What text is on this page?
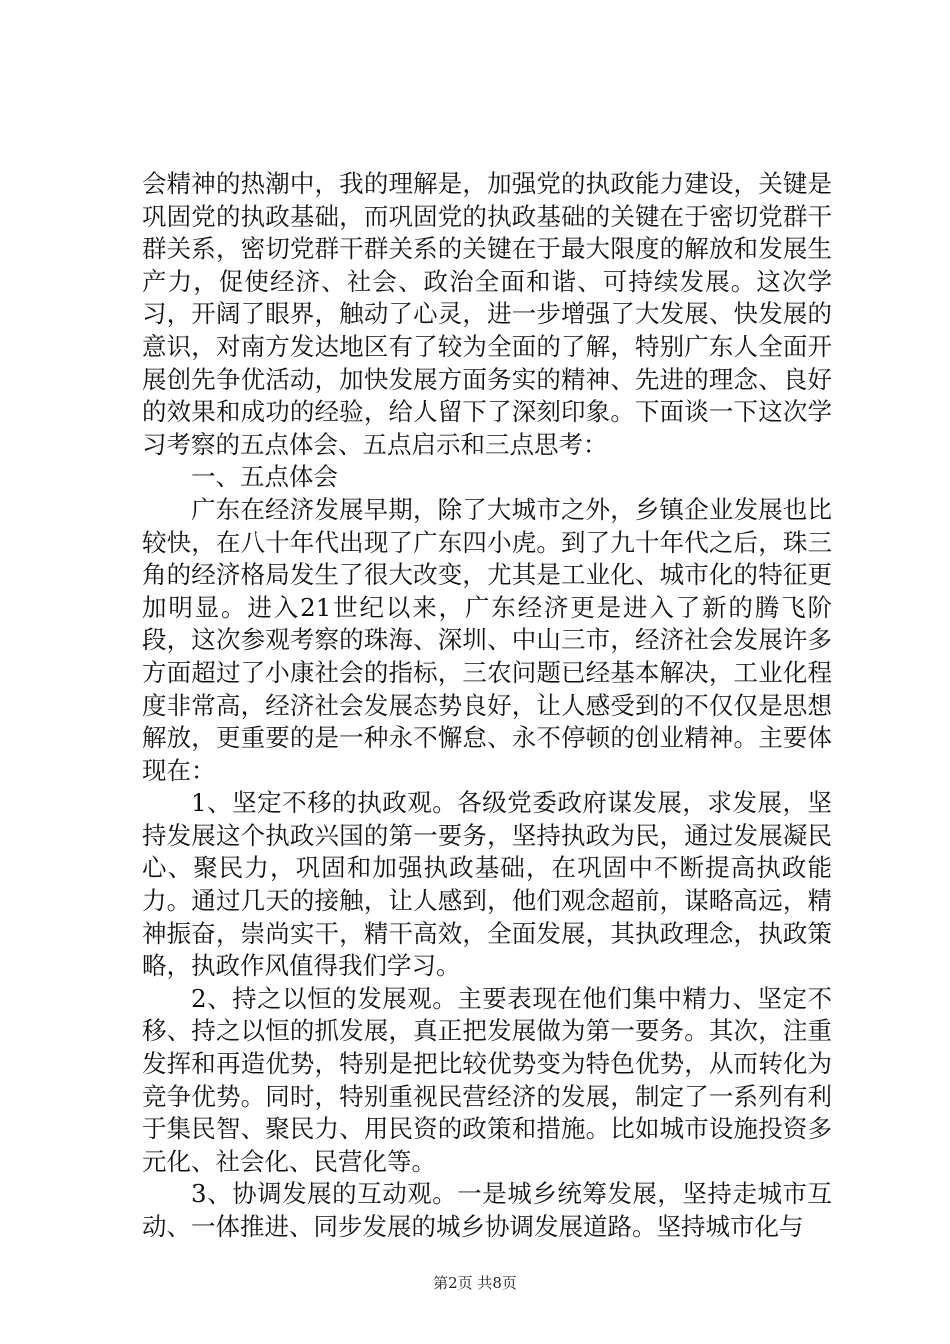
会精神的热潮中，我的理解是，加强党的执政能力建设，关键是巩固党的执政基础，而巩固党的执政基础的关键在于密切党群干群关系，密切党群干群关系的关键在于最大限度的解放和发展生产力，促使经济、社会、政治全面和谐、可持续发展。这次学习，开阔了眼界，触动了心灵，进一步增强了大发展、快发展的意识，对南方发达地区有了较为全面的了解，特别广东人全面开展创先争优活动，加快发展方面务实的精神、先进的理念、良好的效果和成功的经验，给人留下了深刻印象。下面谈一下这次学习考察的五点体会、五点启示和三点思考：

一、五点体会

广东在经济发展早期，除了大城市之外，乡镇企业发展也比较快，在八十年代出现了广东四小虎。到了九十年代之后，珠三角的经济格局发生了很大改变，尤其是工业化、城市化的特征更加明显。进入21世纪以来，广东经济更是进入了新的腾飞阶段，这次参观考察的珠海、深圳、中山三市，经济社会发展许多方面超过了小康社会的指标，三农问题已经基本解决，工业化程度非常高，经济社会发展态势良好，让人感受到的不仅仅是思想解放，更重要的是一种永不懈怠、永不停顿的创业精神。主要体现在：

1、坚定不移的执政观。各级党委政府谋发展，求发展，坚持发展这个执政兴国的第一要务，坚持执政为民，通过发展凝民心、聚民力，巩固和加强执政基础，在巩固中不断提高执政能力。通过几天的接触，让人感到，他们观念超前，谋略高远，精神振奋，崇尚实干，精干高效，全面发展，其执政理念，执政策略，执政作风值得我们学习。

2、持之以恒的发展观。主要表现在他们集中精力、坚定不移、持之以恒的抓发展，真正把发展做为第一要务。其次，注重发挥和再造优势，特别是把比较优势变为特色优势，从而转化为竞争优势。同时，特别重视民营经济的发展，制定了一系列有利于集民智、聚民力、用民资的政策和措施。比如城市设施投资多元化、社会化、民营化等。

3、协调发展的互动观。一是城乡统筹发展，坚持走城市互动、一体推进、同步发展的城乡协调发展道路。坚持城市化与

第2页 共8页
